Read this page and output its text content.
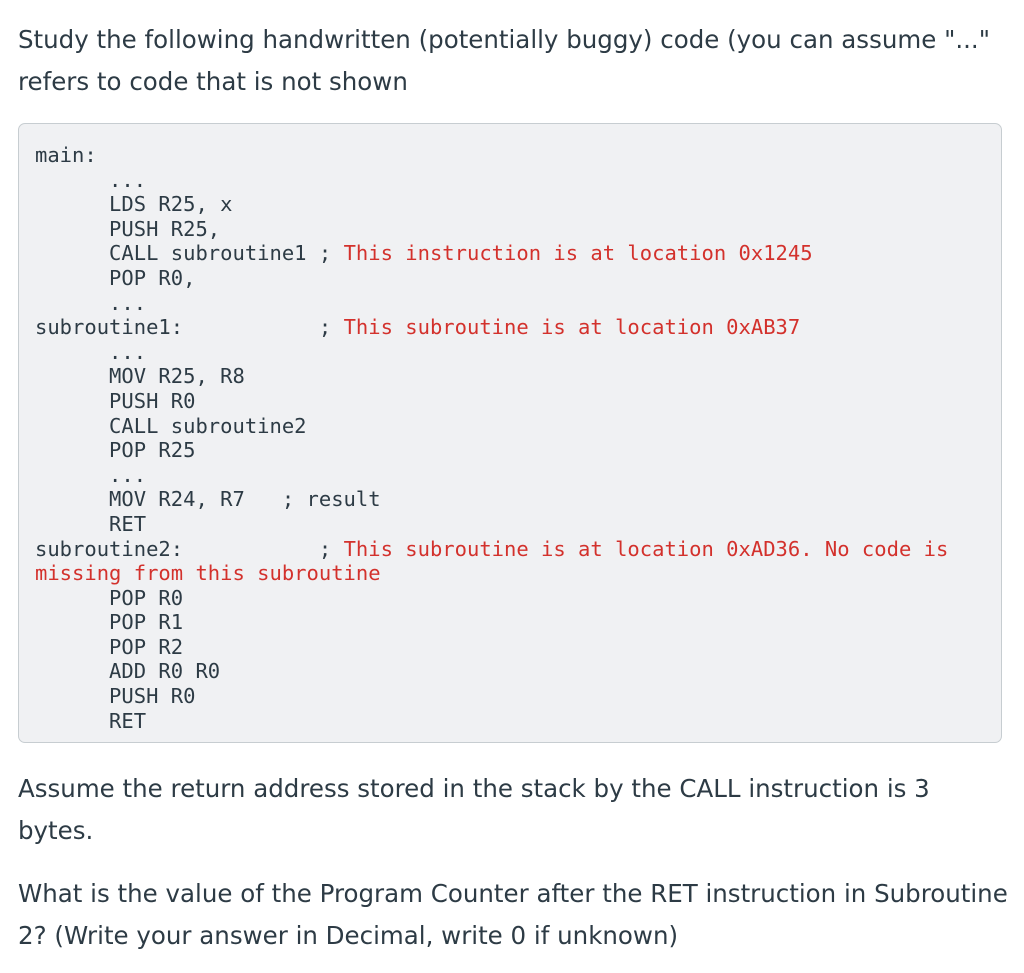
Study the following handwritten (potentially buggy) code (you can assume "..." refers to code that is not shown

main:
...
LDS R25, x
PUSH R25,
CALL subroutine1 ; This instruction is at location 0x1245
POP R0,
...
subroutine1:           ; This subroutine is at location 0xAB37
...
MOV R25, R8
PUSH R0
CALL subroutine2
POP R25
...
MOV R24, R7   ; result
RET
subroutine2:           ; This subroutine is at location 0xAD36. No code is
missing from this subroutine
POP R0
POP R1
POP R2
ADD R0 R0
PUSH R0
RET

Assume the return address stored in the stack by the CALL instruction is 3 bytes.

What is the value of the Program Counter after the RET instruction in Subroutine 2? (Write your answer in Decimal, write 0 if unknown)
